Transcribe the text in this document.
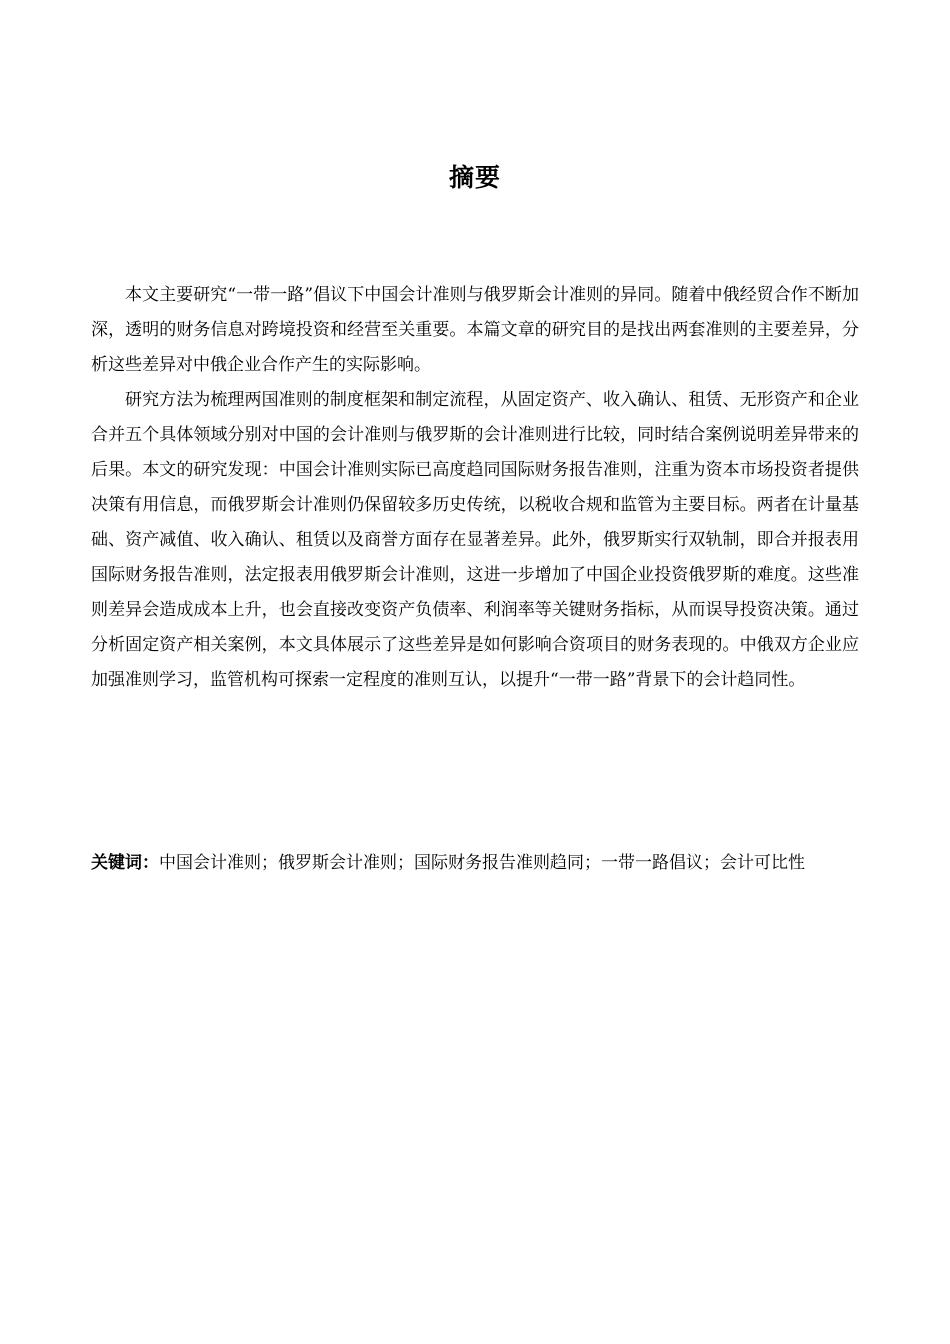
摘要

本文主要研究“一带一路”倡议下中国会计准则与俄罗斯会计准则的异同。随着中俄经贸合作不断加深，透明的财务信息对跨境投资和经营至关重要。本篇文章的研究目的是找出两套准则的主要差异，分析这些差异对中俄企业合作产生的实际影响。

研究方法为梳理两国准则的制度框架和制定流程，从固定资产、收入确认、租赁、无形资产和企业合并五个具体领域分别对中国的会计准则与俄罗斯的会计准则进行比较，同时结合案例说明差异带来的后果。本文的研究发现：中国会计准则实际已高度趋同国际财务报告准则，注重为资本市场投资者提供决策有用信息，而俄罗斯会计准则仍保留较多历史传统，以税收合规和监管为主要目标。两者在计量基础、资产减值、收入确认、租赁以及商誉方面存在显著差异。此外，俄罗斯实行双轨制，即合并报表用国际财务报告准则，法定报表用俄罗斯会计准则，这进一步增加了中国企业投资俄罗斯的难度。这些准则差异会造成成本上升，也会直接改变资产负债率、利润率等关键财务指标，从而误导投资决策。通过分析固定资产相关案例，本文具体展示了这些差异是如何影响合资项目的财务表现的。中俄双方企业应加强准则学习，监管机构可探索一定程度的准则互认，以提升“一带一路”背景下的会计趋同性。

关键词：中国会计准则；俄罗斯会计准则；国际财务报告准则趋同；一带一路倡议；会计可比性
